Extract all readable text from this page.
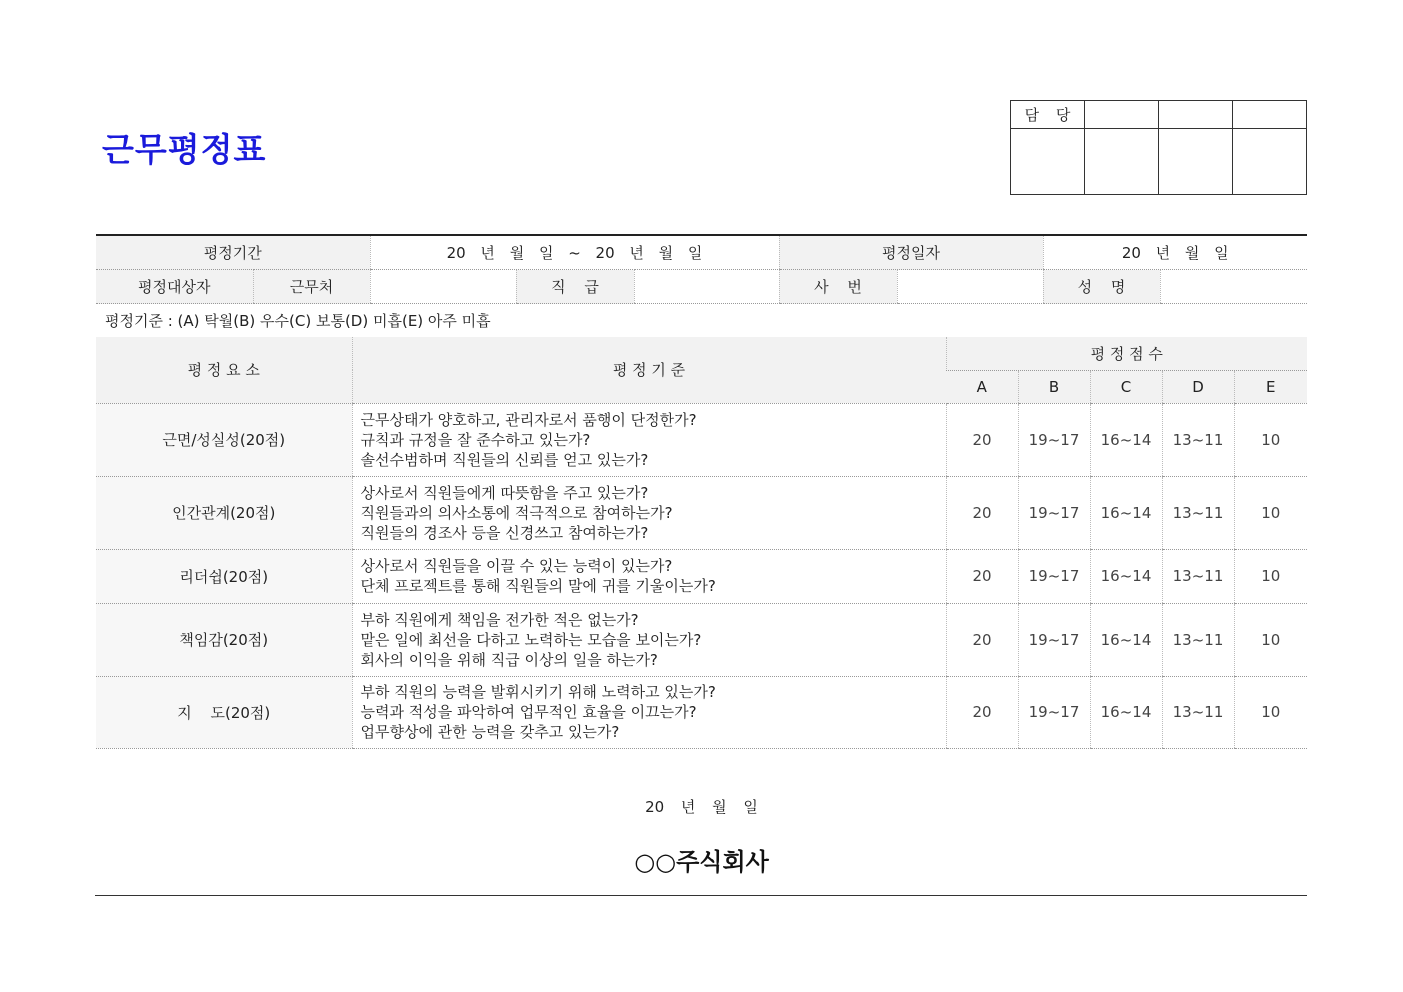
근무평정표
담 당			

평정기간		20 년 월 일 ~ 20 년 월 일			평정일자		20 년 월 일	
평정대상자	근무처		직 급		사 번		성 명	
평정기준 : (A) 탁월(B) 우수(C) 보통(D) 미흡(E) 아주 미흡								
평 정 요 소	평 정 기 준	평 정 점 수				
		A	B	C	D	E
근면/성실성(20점)	근무상태가 양호하고, 관리자로서 품행이 단정한가?
규칙과 규정을 잘 준수하고 있는가?
솔선수범하며 직원들의 신뢰를 얻고 있는가?	20	19~17	16~14	13~11	10
인간관계(20점)	상사로서 직원들에게 따뜻함을 주고 있는가?
직원들과의 의사소통에 적극적으로 참여하는가?
직원들의 경조사 등을 신경쓰고 참여하는가?	20	19~17	16~14	13~11	10
리더쉽(20점)	상사로서 직원들을 이끌 수 있는 능력이 있는가?
단체 프로젝트를 통해 직원들의 말에 귀를 기울이는가?	20	19~17	16~14	13~11	10
책임감(20점)	부하 직원에게 책임을 전가한 적은 없는가?
맡은 일에 최선을 다하고 노력하는 모습을 보이는가?
회사의 이익을 위해 직급 이상의 일을 하는가?	20	19~17	16~14	13~11	10
지 도(20점)	부하 직원의 능력을 발휘시키기 위해 노력하고 있는가?
능력과 적성을 파악하여 업무적인 효율을 이끄는가?
업무향상에 관한 능력을 갖추고 있는가?	20	19~17	16~14	13~11	10
20 년 월 일
○○주식회사
